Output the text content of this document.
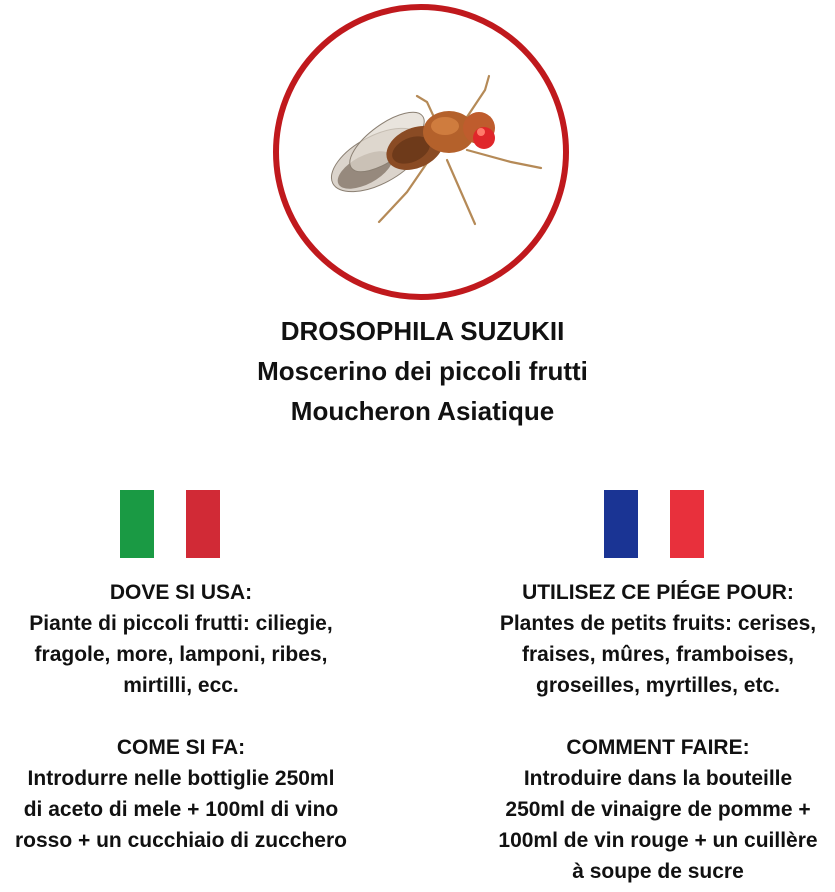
DROSOPHILA SUZUKII
Moscerino dei piccoli frutti
Moucheron Asiatique
DOVE SI USA:
Piante di piccoli frutti: ciliegie,
fragole, more, lamponi, ribes,
mirtilli, ecc.
COME SI FA:
Introdurre nelle bottiglie 250ml
di aceto di mele + 100ml di vino
rosso + un cucchiaio di zucchero
UTILISEZ CE PIÉGE POUR:
Plantes de petits fruits: cerises,
fraises, mûres, framboises,
groseilles, myrtilles, etc.
COMMENT FAIRE:
Introduire dans la bouteille
250ml de vinaigre de pomme +
100ml de vin rouge + un cuillère
à soupe de sucre
